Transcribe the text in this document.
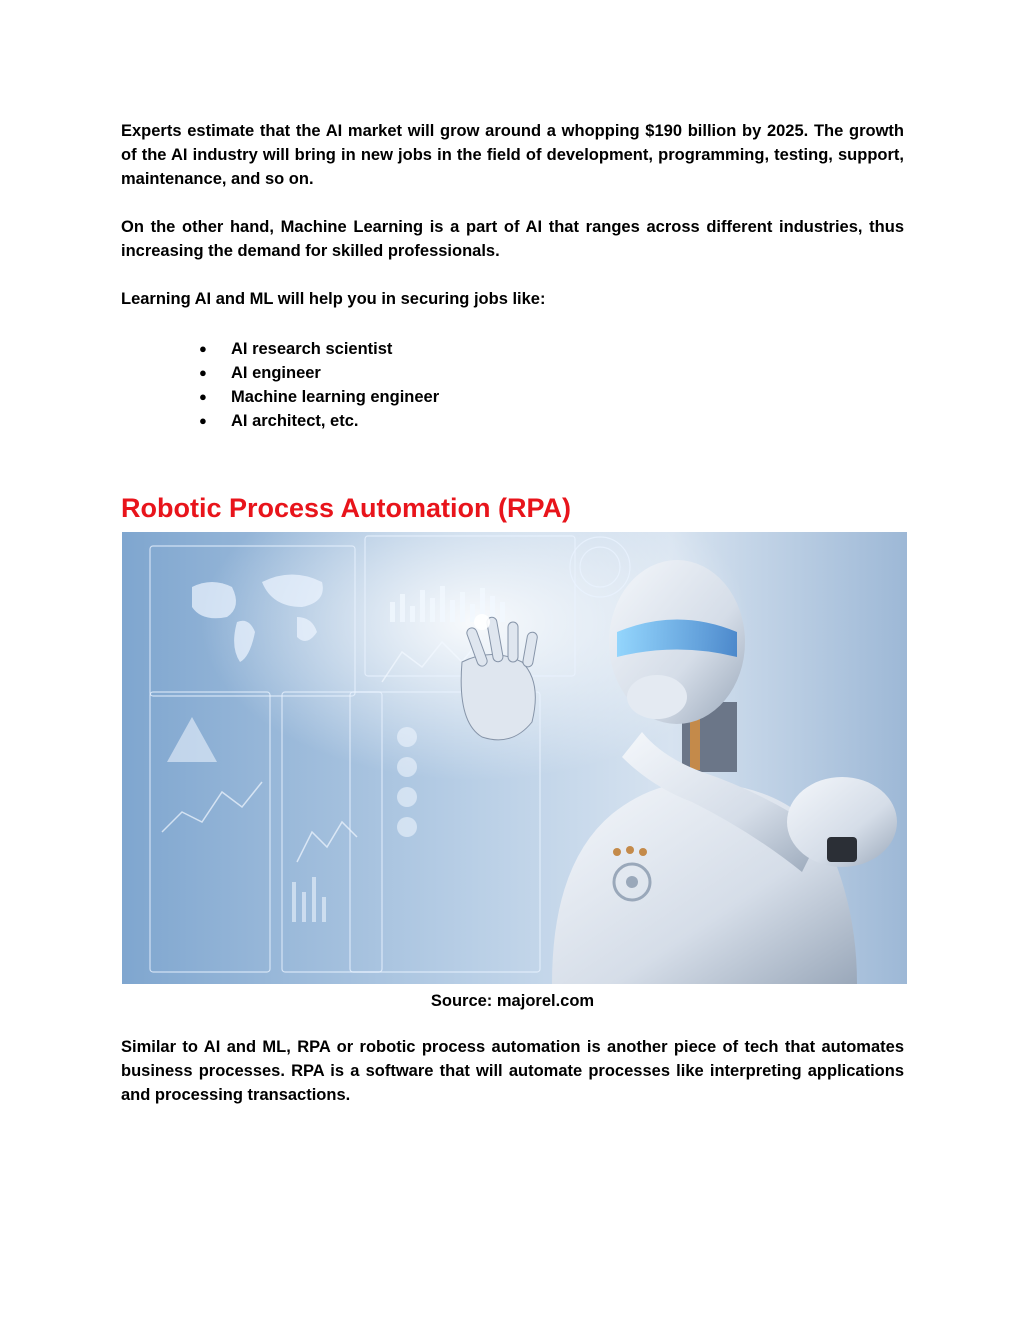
Experts estimate that the AI market will grow around a whopping $190 billion by 2025. The growth of the AI industry will bring in new jobs in the field of development, programming, testing, support, maintenance, and so on.

On the other hand, Machine Learning is a part of AI that ranges across different industries, thus increasing the demand for skilled professionals.

Learning AI and ML will help you in securing jobs like:

● AI research scientist
● AI engineer
● Machine learning engineer
● AI architect, etc.
Robotic Process Automation (RPA)
Source: majorel.com

Similar to AI and ML, RPA or robotic process automation is another piece of tech that automates business processes. RPA is a software that will automate processes like interpreting applications and processing transactions.
